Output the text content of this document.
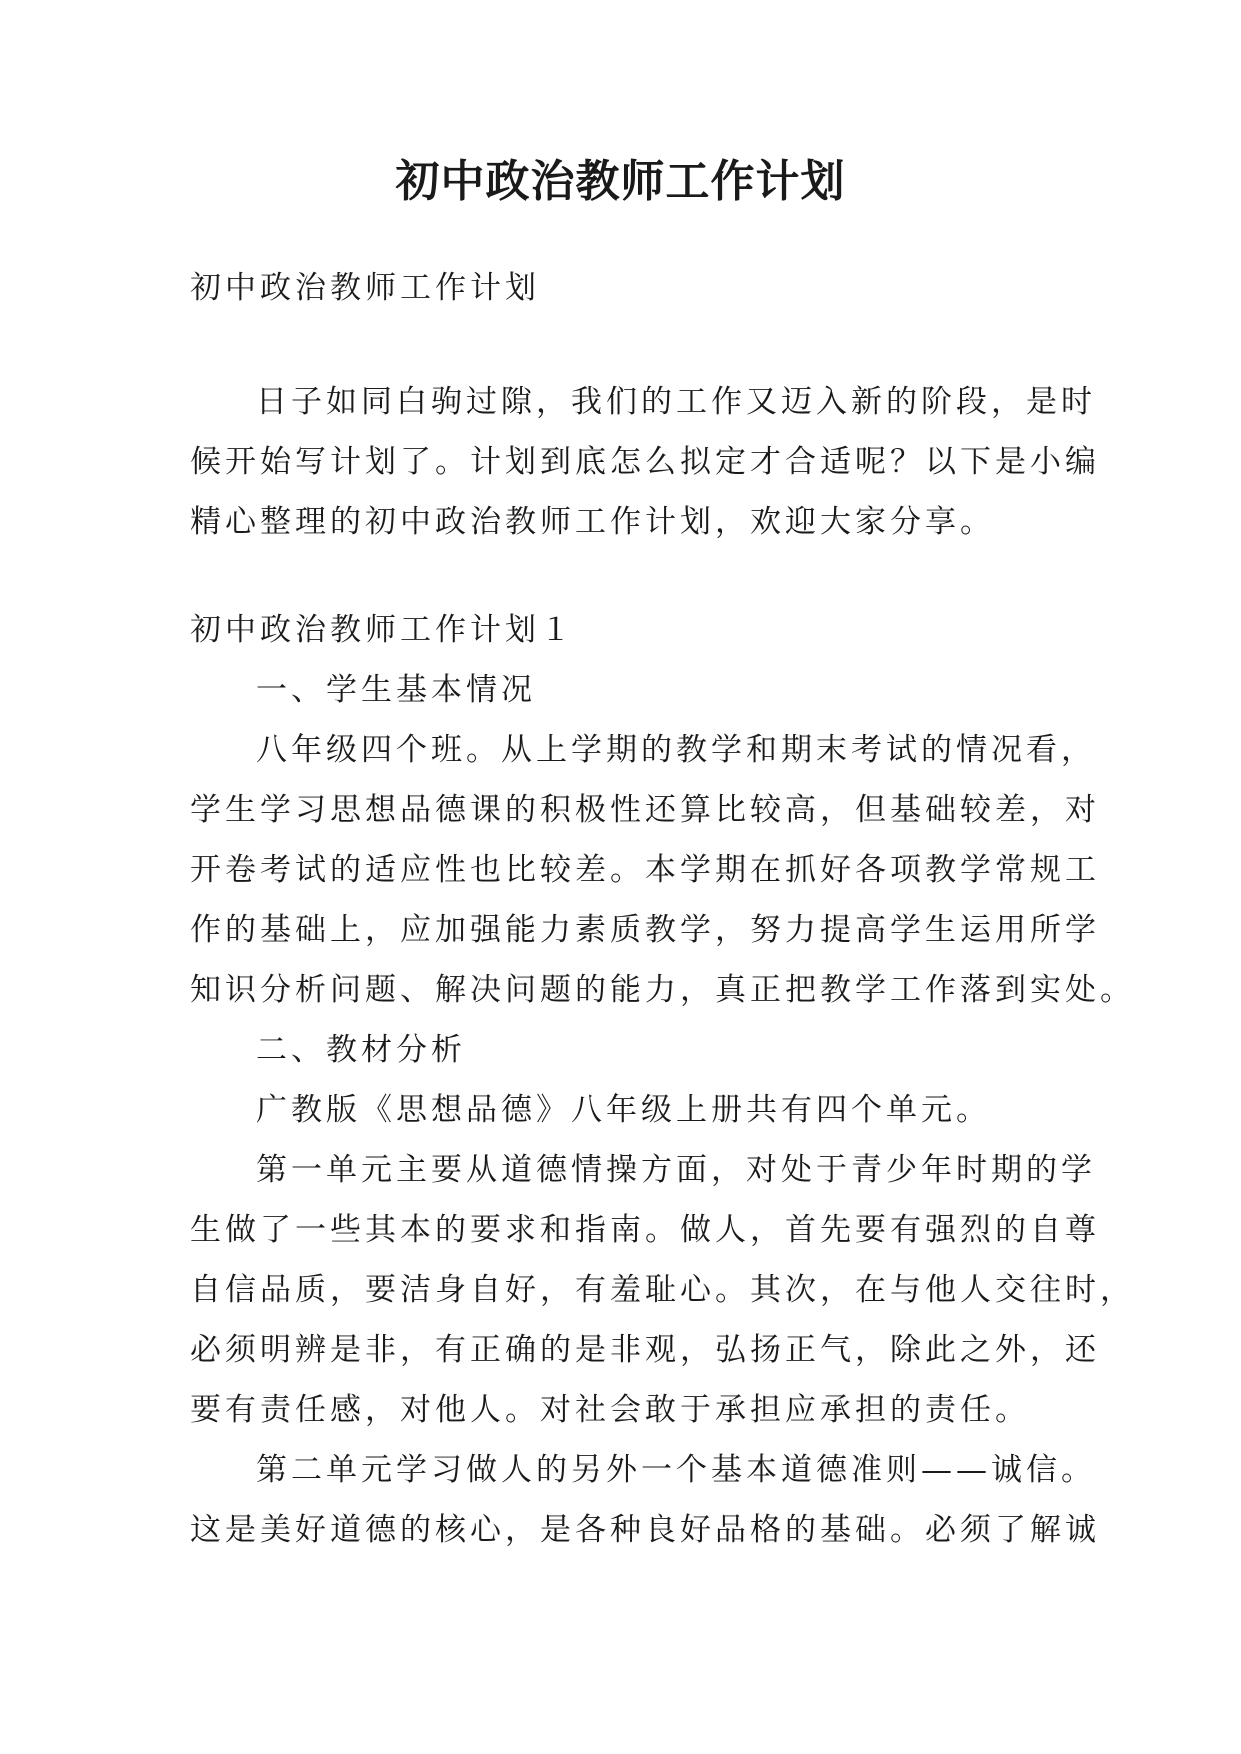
初中政治教师工作计划
初中政治教师工作计划
日子如同白驹过隙，我们的工作又迈入新的阶段，是时
候开始写计划了。计划到底怎么拟定才合适呢？以下是小编
精心整理的初中政治教师工作计划，欢迎大家分享。
初中政治教师工作计划１
一、学生基本情况
八年级四个班。从上学期的教学和期末考试的情况看，
学生学习思想品德课的积极性还算比较高，但基础较差，对
开卷考试的适应性也比较差。本学期在抓好各项教学常规工
作的基础上，应加强能力素质教学，努力提高学生运用所学
知识分析问题、解决问题的能力，真正把教学工作落到实处。
二、教材分析
广教版《思想品德》八年级上册共有四个单元。
第一单元主要从道德情操方面，对处于青少年时期的学
生做了一些其本的要求和指南。做人，首先要有强烈的自尊
自信品质，要洁身自好，有羞耻心。其次，在与他人交往时，
必须明辨是非，有正确的是非观，弘扬正气，除此之外，还
要有责任感，对他人。对社会敢于承担应承担的责任。
第二单元学习做人的另外一个基本道德准则——诚信。
这是美好道德的核心，是各种良好品格的基础。必须了解诚
